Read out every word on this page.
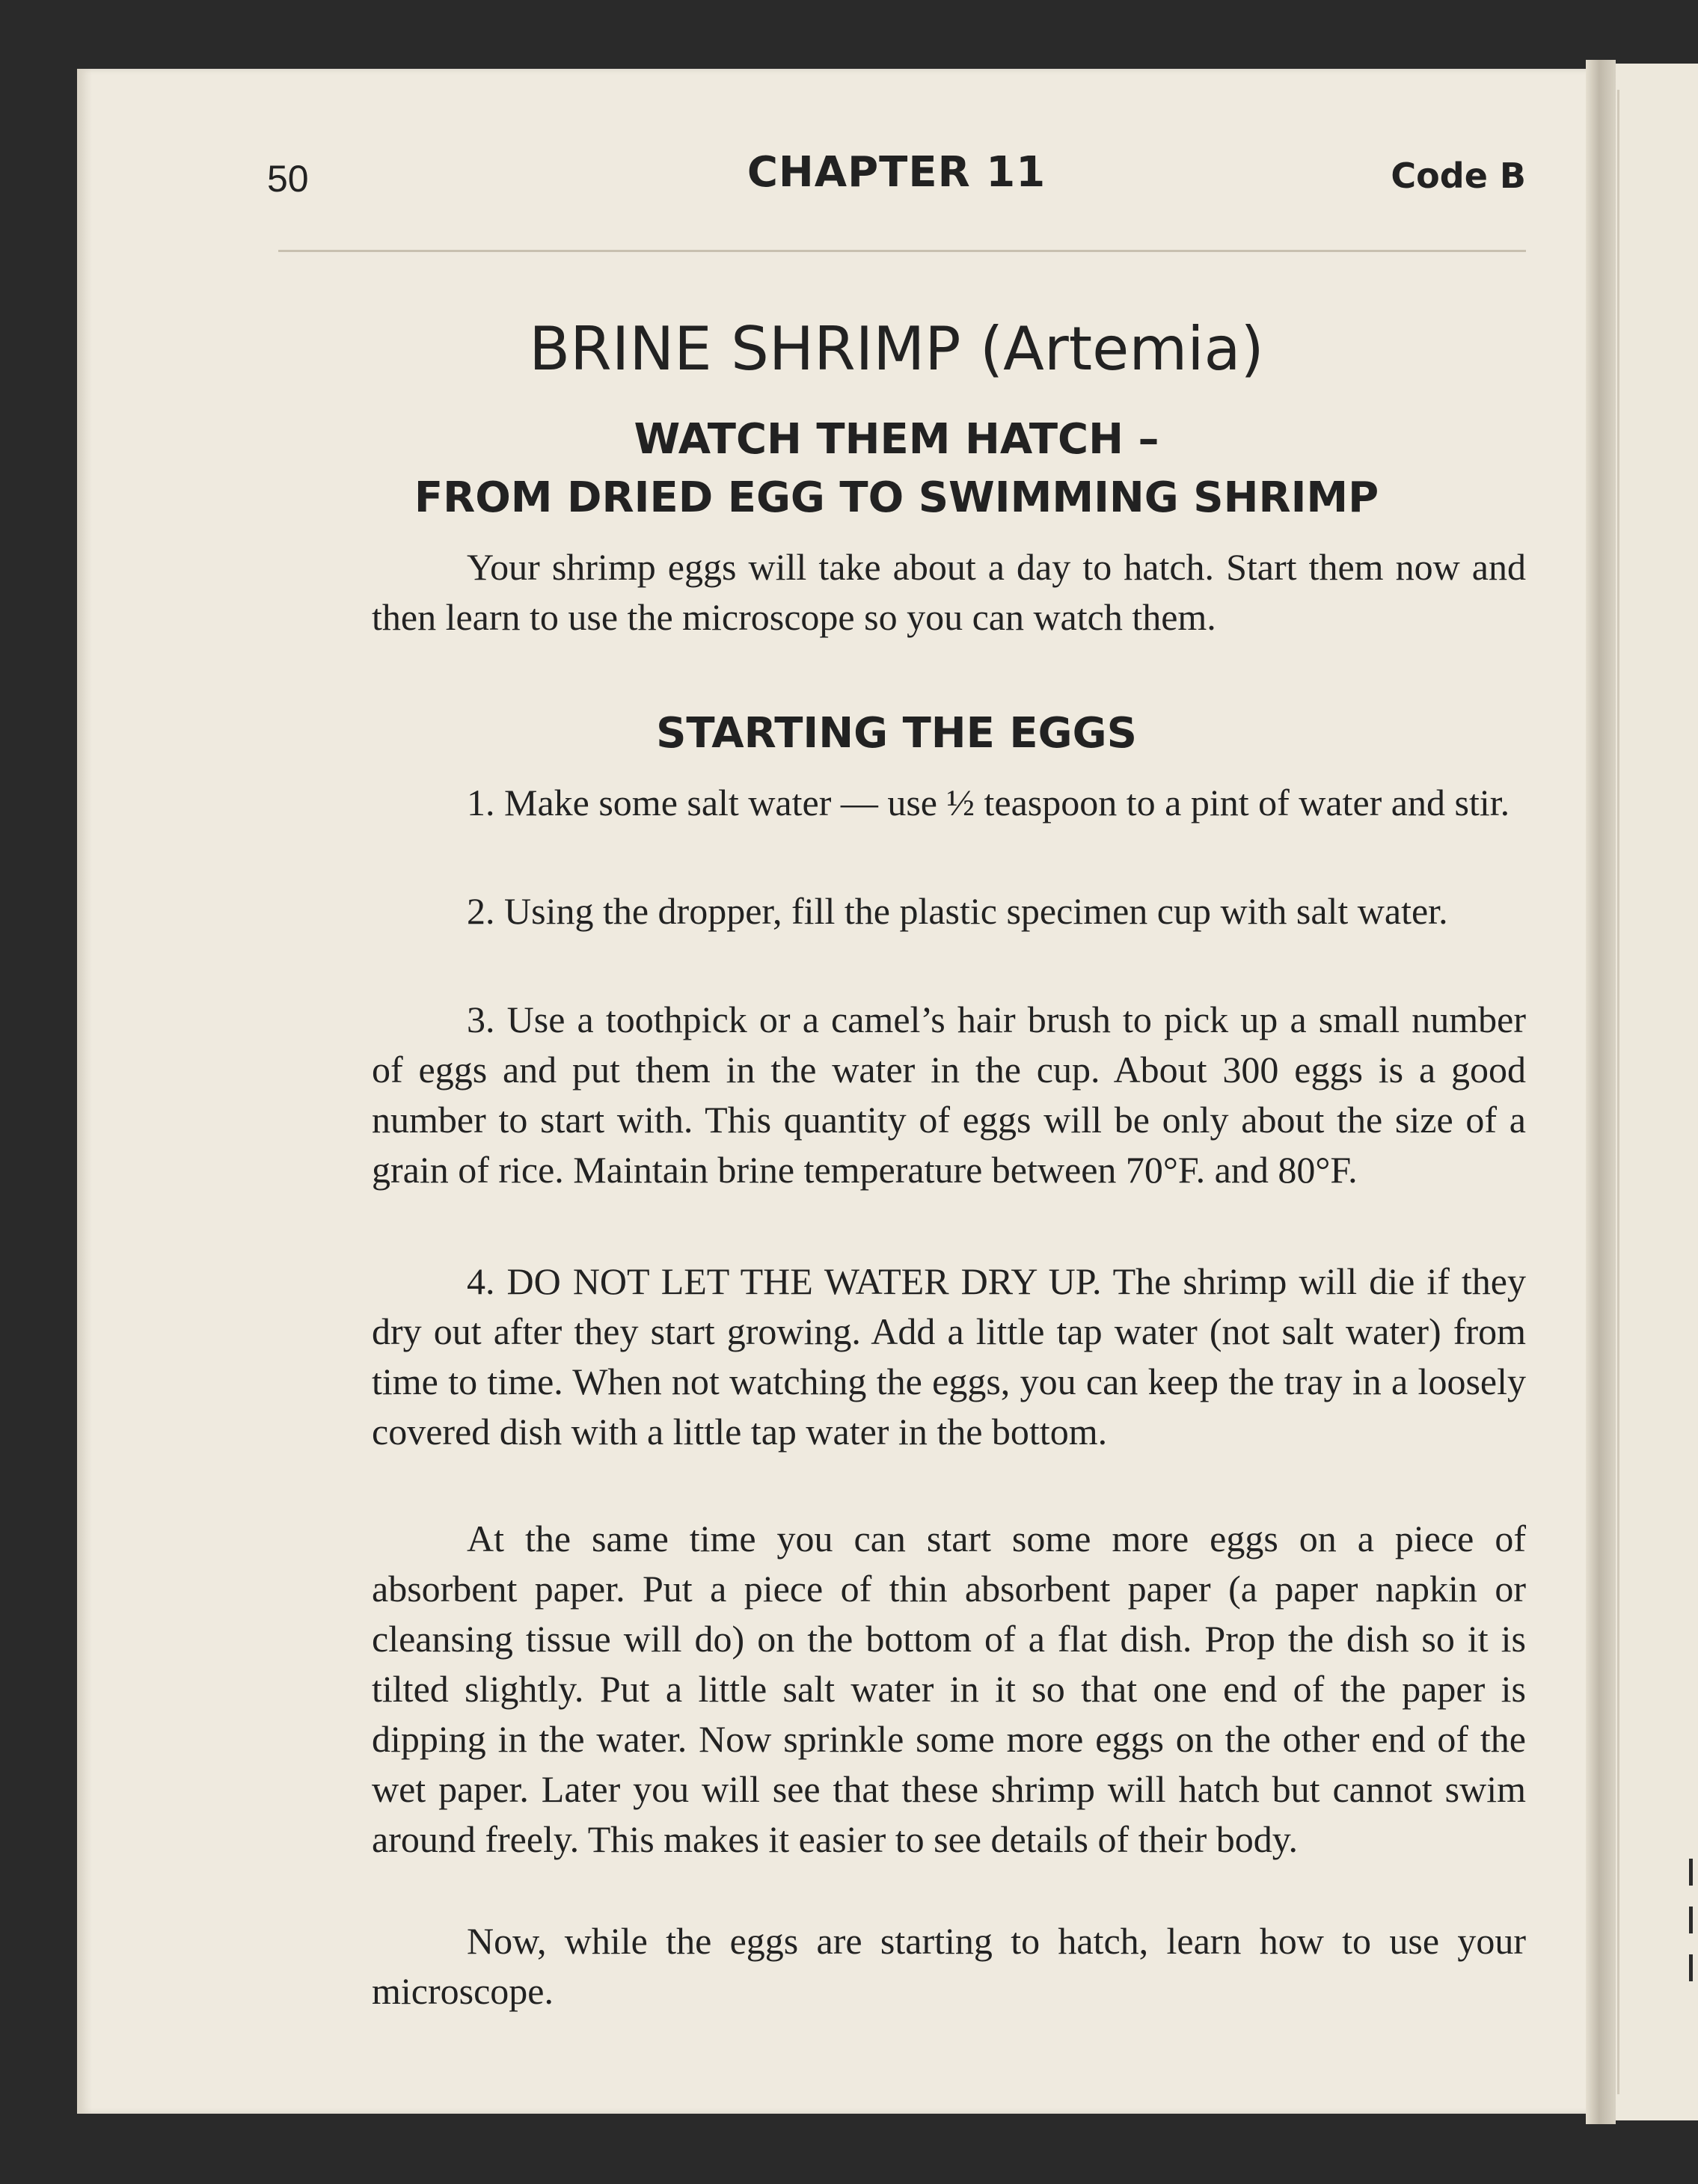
50	CHAPTER 11	Code B
BRINE SHRIMP (Artemia)
WATCH THEM HATCH –
FROM DRIED EGG TO SWIMMING SHRIMP

Your shrimp eggs will take about a day to hatch. Start them now and then learn to use the microscope so you can watch them.

STARTING THE EGGS

1. Make some salt water — use ½ teaspoon to a pint of water and stir.

2. Using the dropper, fill the plastic specimen cup with salt water.

3. Use a toothpick or a camel’s hair brush to pick up a small number of eggs and put them in the water in the cup. About 300 eggs is a good number to start with. This quantity of eggs will be only about the size of a grain of rice. Maintain brine temperature between 70°F. and 80°F.

4. DO NOT LET THE WATER DRY UP. The shrimp will die if they dry out after they start growing. Add a little tap water (not salt water) from time to time. When not watching the eggs, you can keep the tray in a loosely covered dish with a little tap water in the bottom.

At the same time you can start some more eggs on a piece of absorbent paper. Put a piece of thin absorbent paper (a paper napkin or cleansing tissue will do) on the bottom of a flat dish. Prop the dish so it is tilted slightly. Put a little salt water in it so that one end of the paper is dipping in the water. Now sprinkle some more eggs on the other end of the wet paper. Later you will see that these shrimp will hatch but cannot swim around freely. This makes it easier to see details of their body.

Now, while the eggs are starting to hatch, learn how to use your microscope.
